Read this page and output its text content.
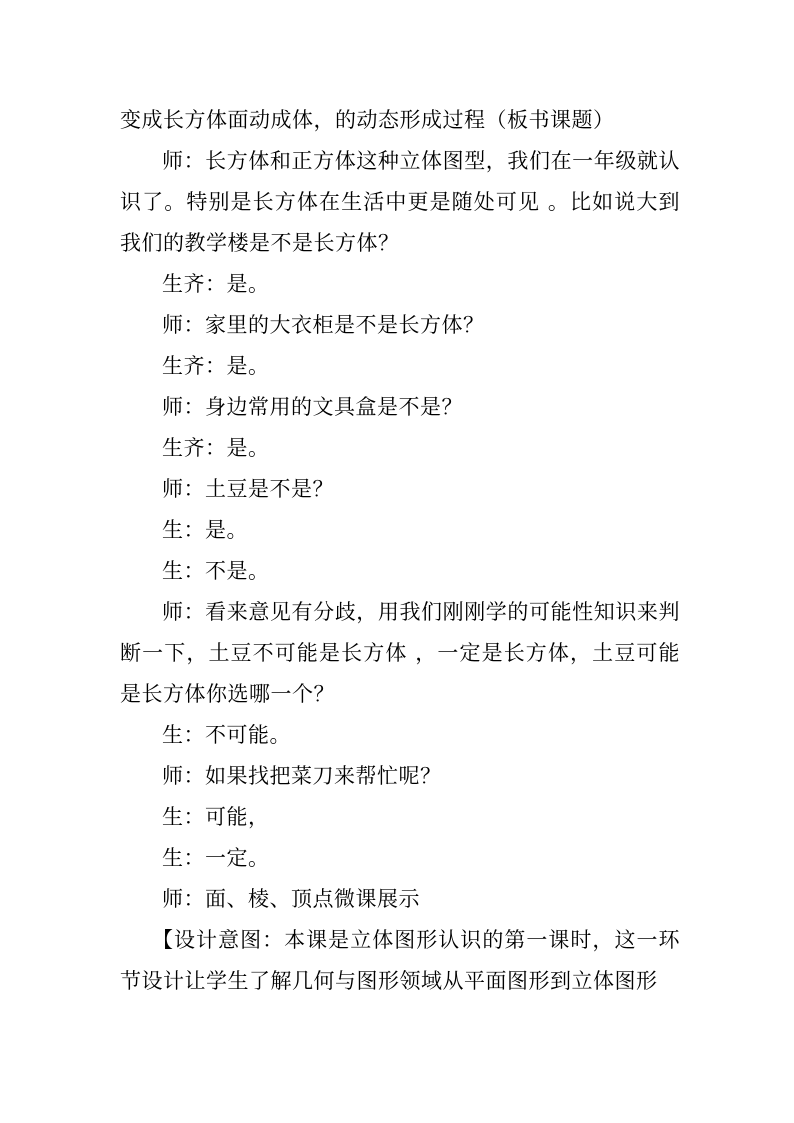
变成长方体面动成体，的动态形成过程（板书课题）

师：长方体和正方体这种立体图型，我们在一年级就认识了。特别是长方体在生活中更是随处可见 。比如说大到我们的教学楼是不是长方体？

生齐：是。

师：家里的大衣柜是不是长方体？

生齐：是。

师：身边常用的文具盒是不是？

生齐：是。

师：土豆是不是？

生：是。

生：不是。

师：看来意见有分歧，用我们刚刚学的可能性知识来判断一下，土豆不可能是长方体 ，一定是长方体，土豆可能是长方体你选哪一个？

生：不可能。

师：如果找把菜刀来帮忙呢？

生：可能，

生：一定。

师：面、棱、顶点微课展示

【设计意图：本课是立体图形认识的第一课时，这一环节设计让学生了解几何与图形领域从平面图形到立体图形
